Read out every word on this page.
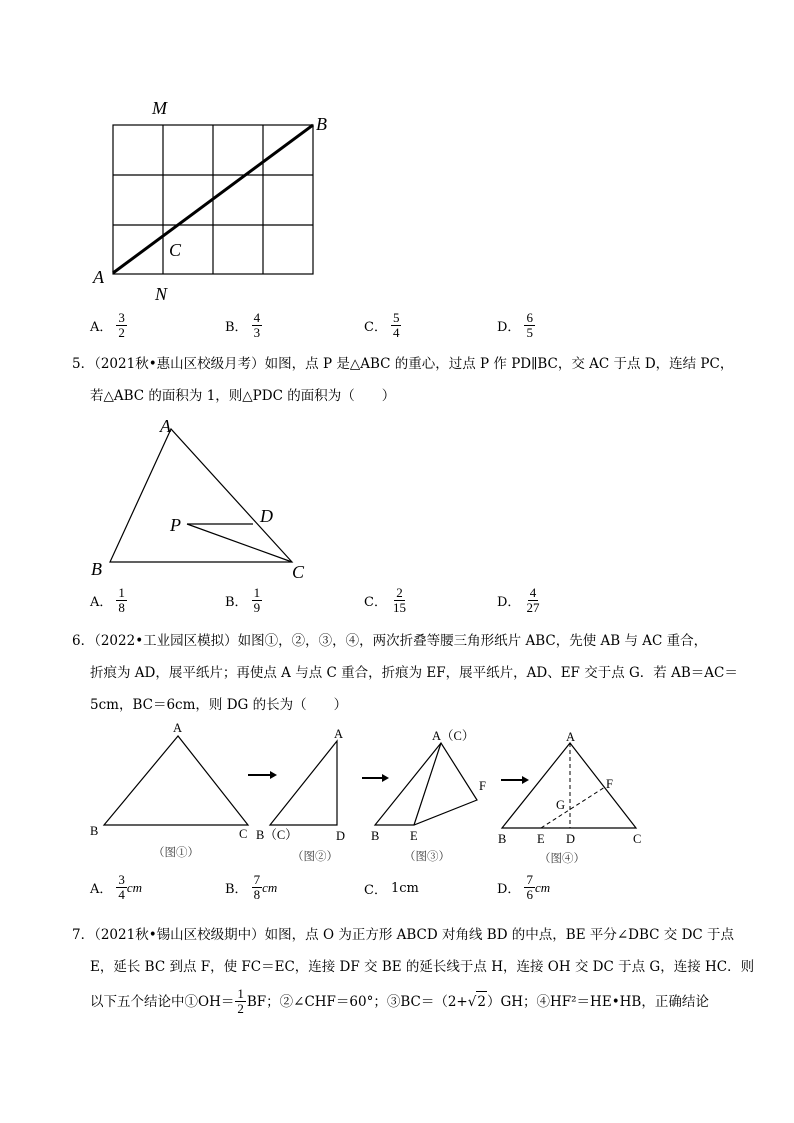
M
B
A
C
N
A． $\frac{3}{2}$	B． $\frac{4}{3}$	C． $\frac{5}{4}$	D． $\frac{6}{5}$
5．（2021秋•惠山区校级月考）如图，点 P 是△ABC 的重心，过点 P 作 PD∥BC，交 AC 于点 D，连结 PC，
若△ABC 的面积为 1，则△PDC 的面积为（　　）
A
B	C
P	D
A． $\frac{1}{8}$	B． $\frac{1}{9}$	C． $\frac{2}{15}$	D． $\frac{4}{27}$
6．（2022•工业园区模拟）如图①，②，③，④，两次折叠等腰三角形纸片 ABC，先使 AB 与 AC 重合，
折痕为 AD，展平纸片；再使点 A 与点 C 重合，折痕为 EF，展平纸片，AD、EF 交于点 G．若 AB＝AC＝
5cm，BC＝6cm，则 DG 的长为（　　）
A
B	C
（图①）
A
B（C）	D
（图②）
A（C）
F
B E
（图③）
A
F
G
B E D	C
（图④）
A． $\frac{3}{4}$ cm	B． $\frac{7}{8}$ cm	C． 1cm	D． $\frac{7}{6}$ cm
7．（2021秋•锡山区校级期中）如图，点 O 为正方形 ABCD 对角线 BD 的中点，BE 平分∠DBC 交 DC 于点
E，延长 BC 到点 F，使 FC＝EC，连接 DF 交 BE 的延长线于点 H，连接 OH 交 DC 于点 G，连接 HC．则
以下五个结论中①OH＝ $\frac{1}{2}$ BF；②∠CHF＝60°；③BC＝（2+ √ 2 ）GH；④HF²＝HE•HB，正确结论
